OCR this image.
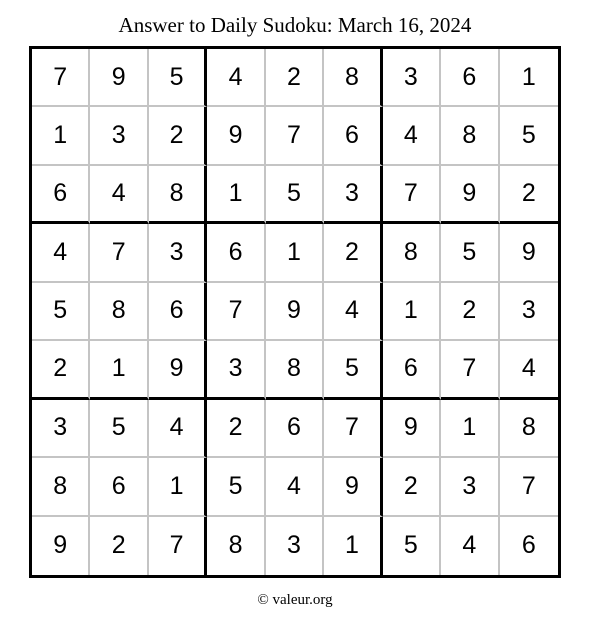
Answer to Daily Sudoku: March 16, 2024
7	9	5	4	2	8	3	6	1
1	3	2	9	7	6	4	8	5
6	4	8	1	5	3	7	9	2
4	7	3	6	1	2	8	5	9
5	8	6	7	9	4	1	2	3
2	1	9	3	8	5	6	7	4
3	5	4	2	6	7	9	1	8
8	6	1	5	4	9	2	3	7
9	2	7	8	3	1	5	4	6
© valeur.org
